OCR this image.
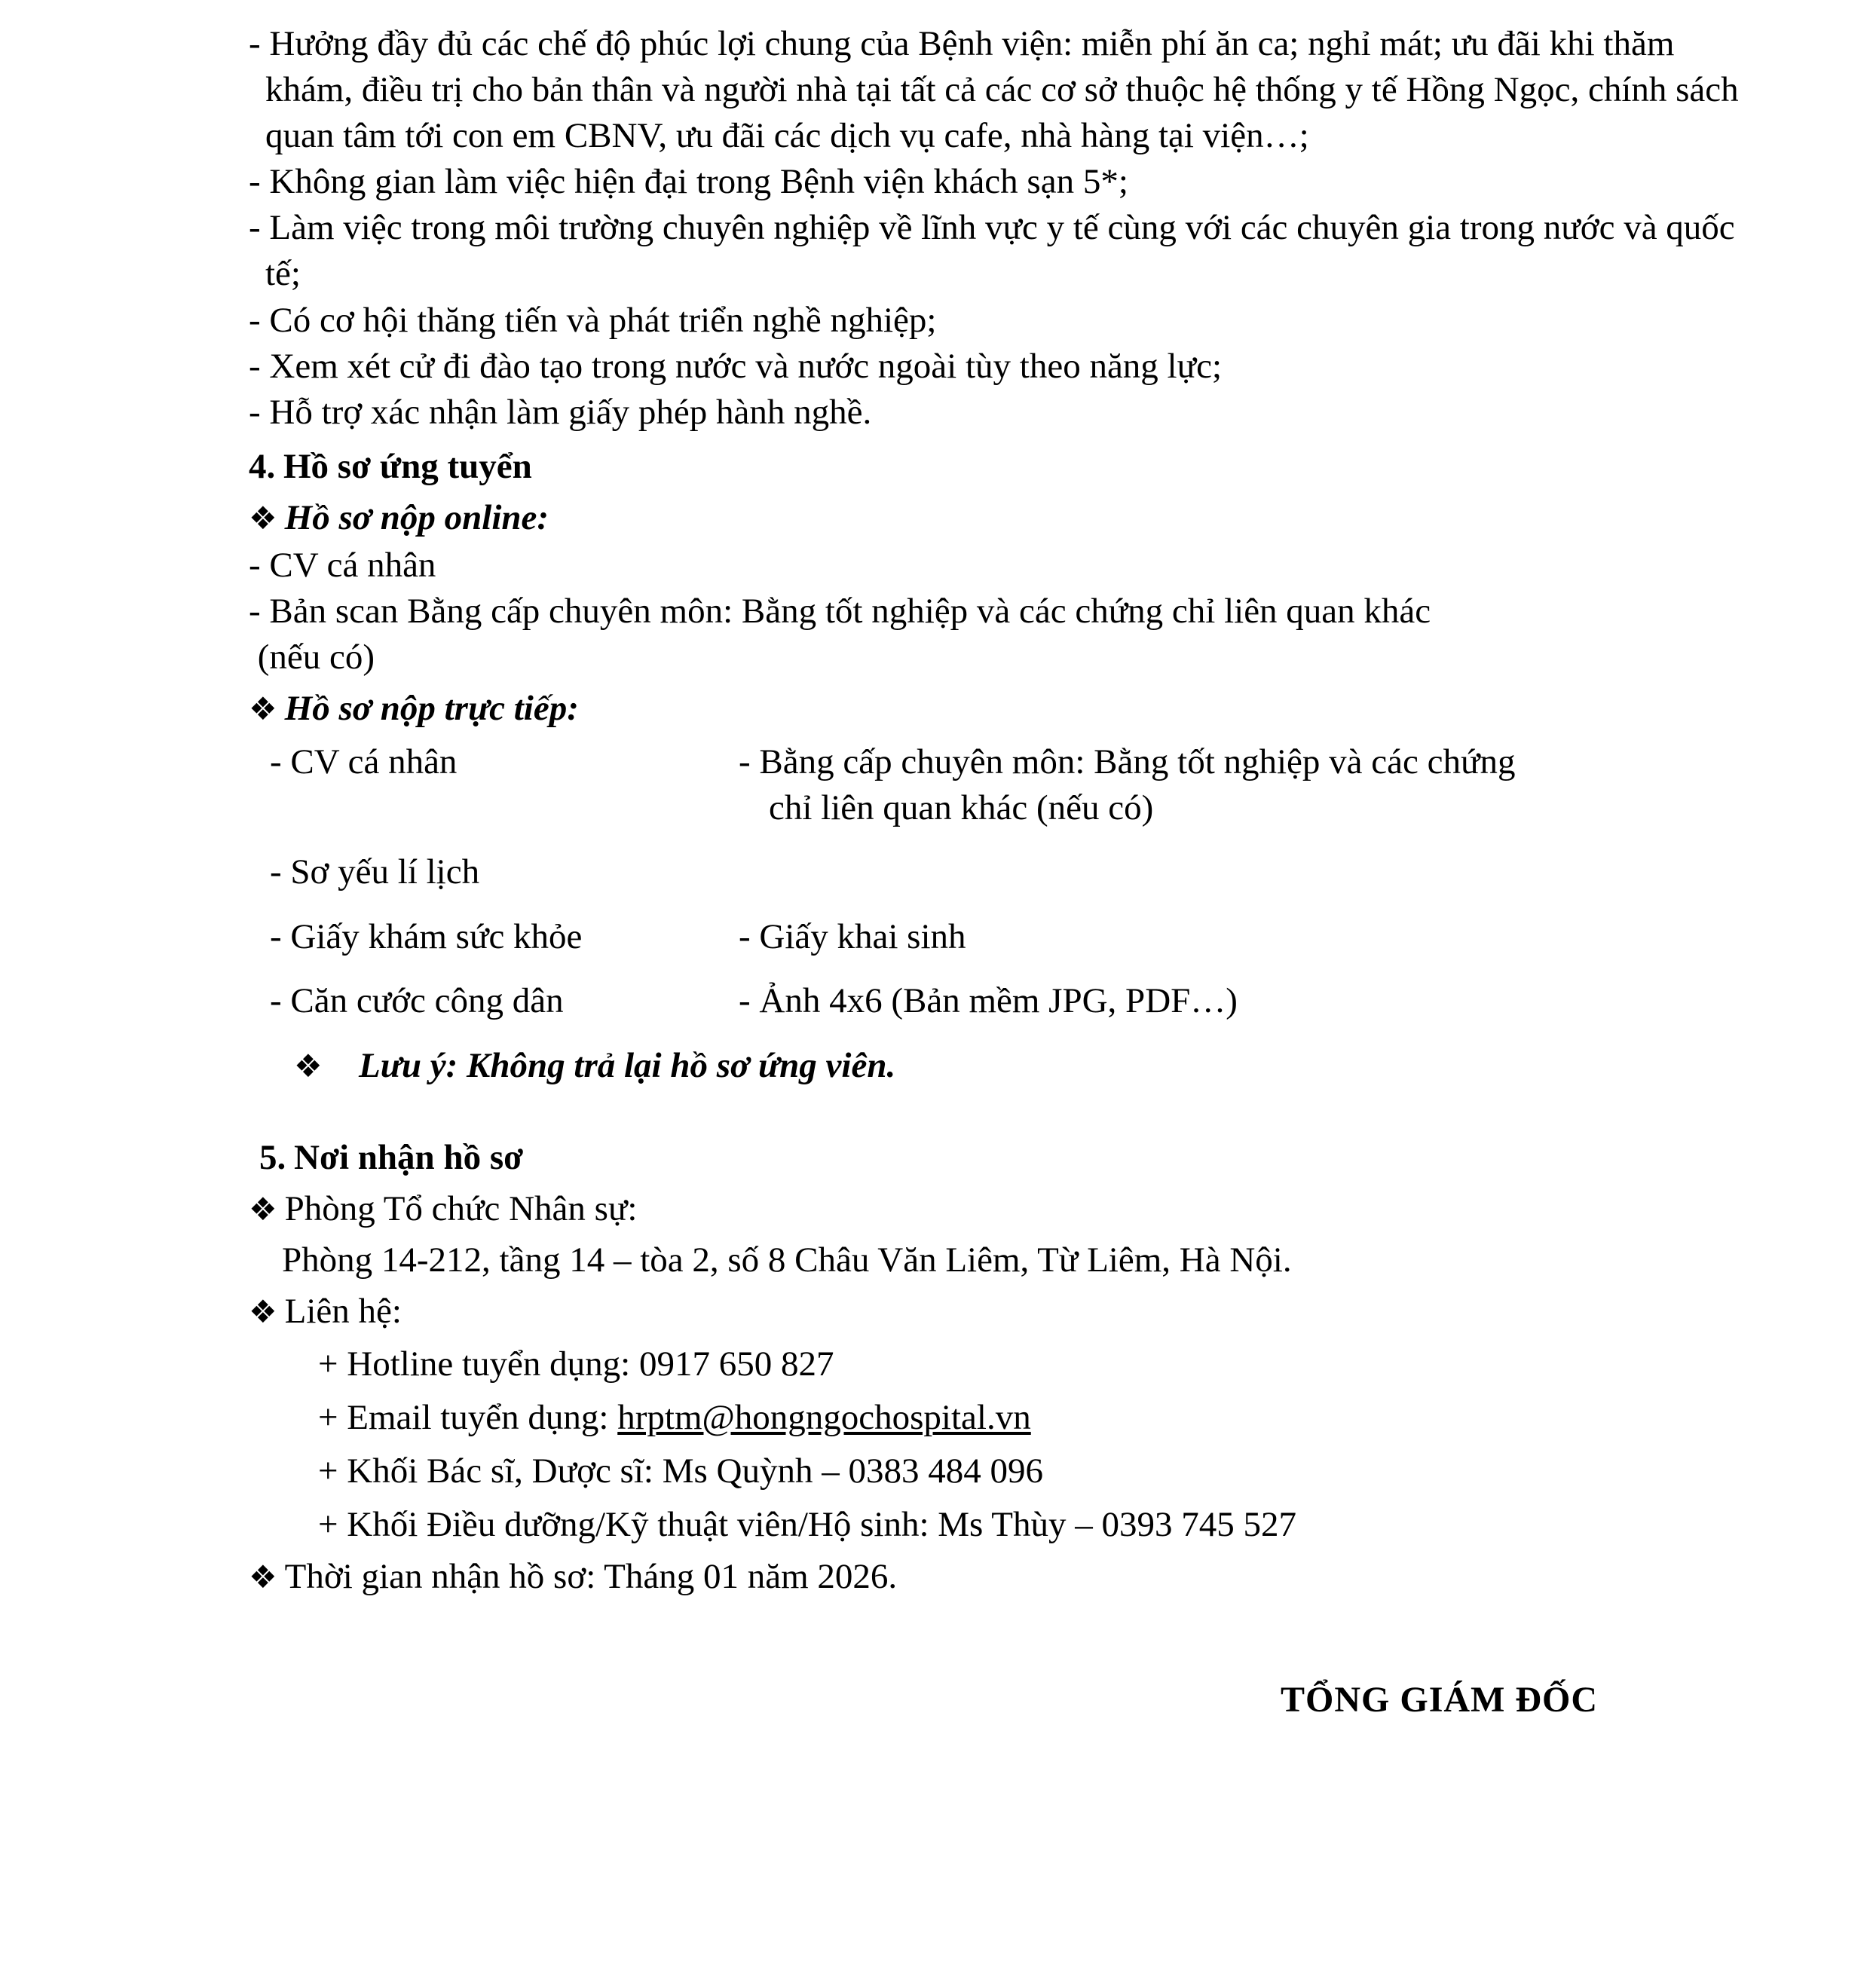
- Hưởng đầy đủ các chế độ phúc lợi chung của Bệnh viện: miễn phí ăn ca; nghỉ mát; ưu đãi khi thăm khám, điều trị cho bản thân và người nhà tại tất cả các cơ sở thuộc hệ thống y tế Hồng Ngọc, chính sách quan tâm tới con em CBNV, ưu đãi các dịch vụ cafe, nhà hàng tại viện…;

- Không gian làm việc hiện đại trong Bệnh viện khách sạn 5*;

- Làm việc trong môi trường chuyên nghiệp về lĩnh vực y tế cùng với các chuyên gia trong nước và quốc tế;

- Có cơ hội thăng tiến và phát triển nghề nghiệp;

- Xem xét cử đi đào tạo trong nước và nước ngoài tùy theo năng lực;

- Hỗ trợ xác nhận làm giấy phép hành nghề.

4. Hồ sơ ứng tuyển
❖ Hồ sơ nộp online:

- CV cá nhân

- Bản scan Bằng cấp chuyên môn: Bằng tốt nghiệp và các chứng chỉ liên quan khác

(nếu có)

❖ Hồ sơ nộp trực tiếp:
- CV cá nhân	- Bằng cấp chuyên môn: Bằng tốt nghiệp và các chứng
chỉ liên quan khác (nếu có)
- Sơ yếu lí lịch
- Giấy khám sức khỏe	- Giấy khai sinh
- Căn cước công dân	- Ảnh 4x6 (Bản mềm JPG, PDF…)
❖	Lưu ý: Không trả lại hồ sơ ứng viên.
5. Nơi nhận hồ sơ
❖ Phòng Tổ chức Nhân sự:

Phòng 14-212, tầng 14 – tòa 2, số 8 Châu Văn Liêm, Từ Liêm, Hà Nội.

❖ Liên hệ:

+ Hotline tuyển dụng: 0917 650 827

+ Email tuyển dụng: hrptm@hongngochospital.vn

+ Khối Bác sĩ, Dược sĩ: Ms Quỳnh – 0383 484 096

+ Khối Điều dưỡng/Kỹ thuật viên/Hộ sinh: Ms Thùy – 0393 745 527

❖ Thời gian nhận hồ sơ: Tháng 01 năm 2026.
TỔNG GIÁM ĐỐC
